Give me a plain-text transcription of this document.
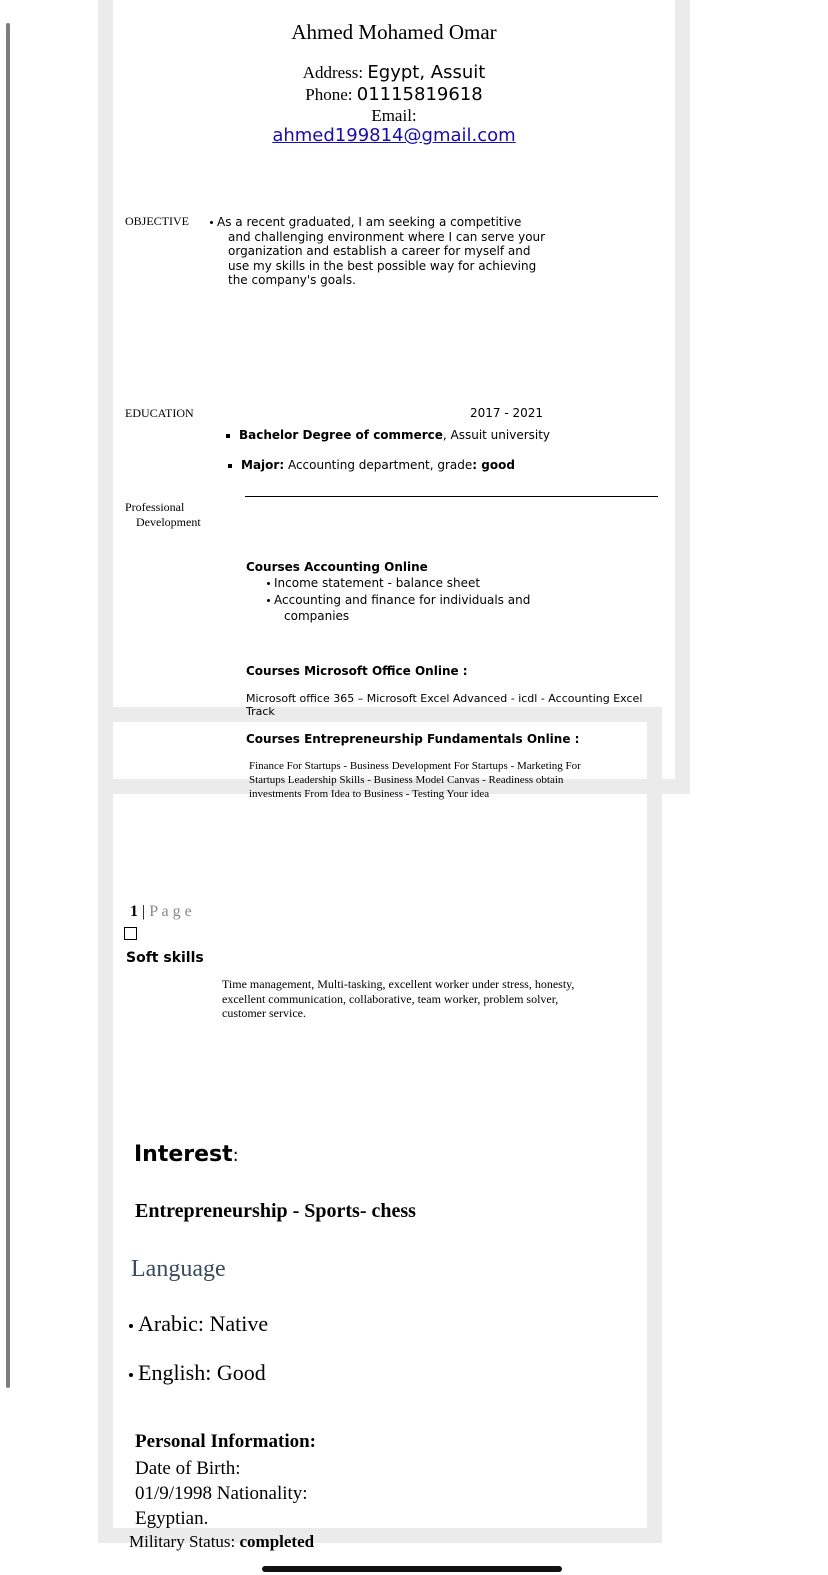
Ahmed Mohamed Omar
Address: Egypt, Assuit
Phone: 01115819618
Email:
ahmed199814@gmail.com
OBJECTIVE	As a recent graduated, I am seeking a competitive
and challenging environment where I can serve your
organization and establish a career for myself and
use my skills in the best possible way for achieving
the company's goals.
EDUCATION	2017 - 2021
Bachelor Degree of commerce, Assuit university
Major: Accounting department, grade: good
Professional
Development
Courses Accounting Online
Income statement - balance sheet
Accounting and finance for individuals and
companies
Courses Microsoft Office Online :
Microsoft office 365 – Microsoft Excel Advanced - icdl - Accounting Excel
Track
Courses Entrepreneurship Fundamentals Online :
Finance For Startups - Business Development For Startups - Marketing For
Startups Leadership Skills - Business Model Canvas - Readiness obtain
investments From Idea to Business - Testing Your idea
1 | P a g e
Soft skills
Time management, Multi-tasking, excellent worker under stress, honesty,
excellent communication, collaborative, team worker, problem solver,
customer service.
Interest:
Entrepreneurship - Sports- chess
Language
Arabic: Native
English: Good
Personal Information:
Date of Birth:
01/9/1998 Nationality:
Egyptian.
Military Status: completed
